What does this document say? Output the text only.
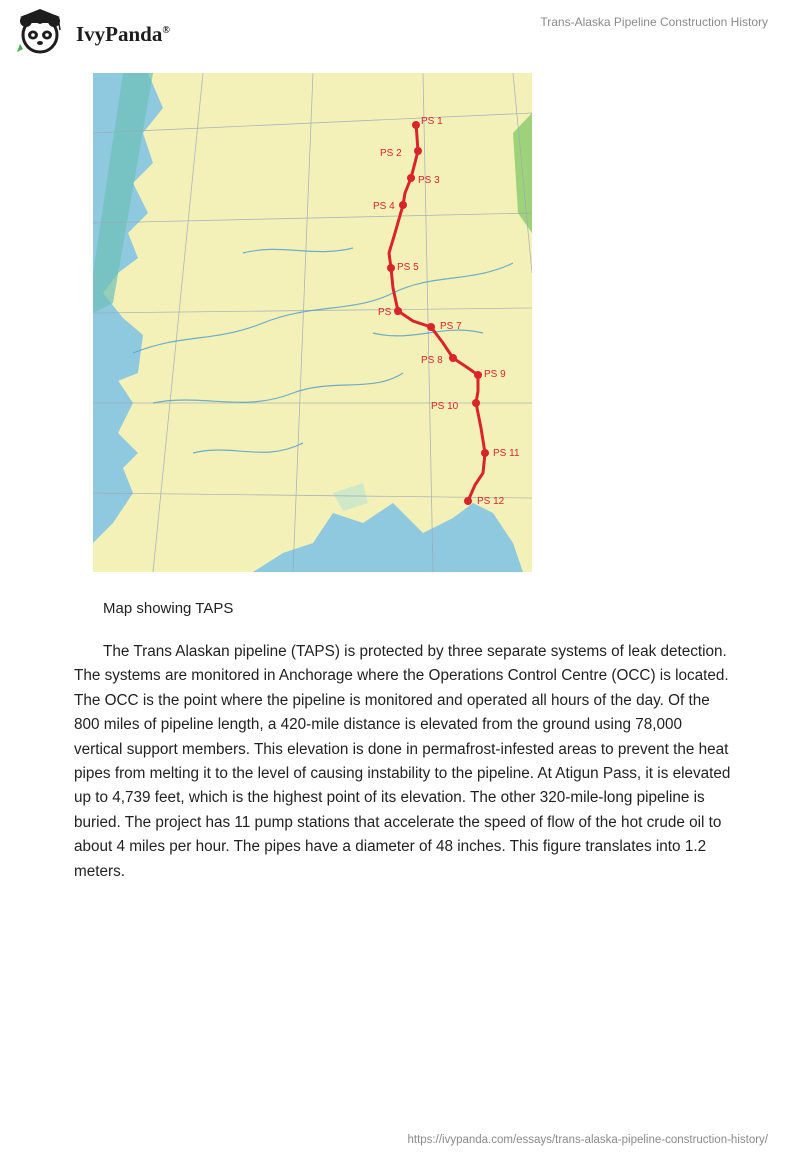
IvyPanda®
Trans-Alaska Pipeline Construction History
PS 1
PS 2
PS 3
PS 4
PS 5
PS 6
PS 7
PS 8
PS 9
PS 10
PS 11
PS 12
Map showing TAPS

The Trans Alaskan pipeline (TAPS) is protected by three separate systems of leak detection. The systems are monitored in Anchorage where the Operations Control Centre (OCC) is located. The OCC is the point where the pipeline is monitored and operated all hours of the day. Of the 800 miles of pipeline length, a 420-mile distance is elevated from the ground using 78,000 vertical support members. This elevation is done in permafrost-infested areas to prevent the heat pipes from melting it to the level of causing instability to the pipeline. At Atigun Pass, it is elevated up to 4,739 feet, which is the highest point of its elevation. The other 320-mile-long pipeline is buried. The project has 11 pump stations that accelerate the speed of flow of the hot crude oil to about 4 miles per hour. The pipes have a diameter of 48 inches. This figure translates into 1.2 meters.

https://ivypanda.com/essays/trans-alaska-pipeline-construction-history/
